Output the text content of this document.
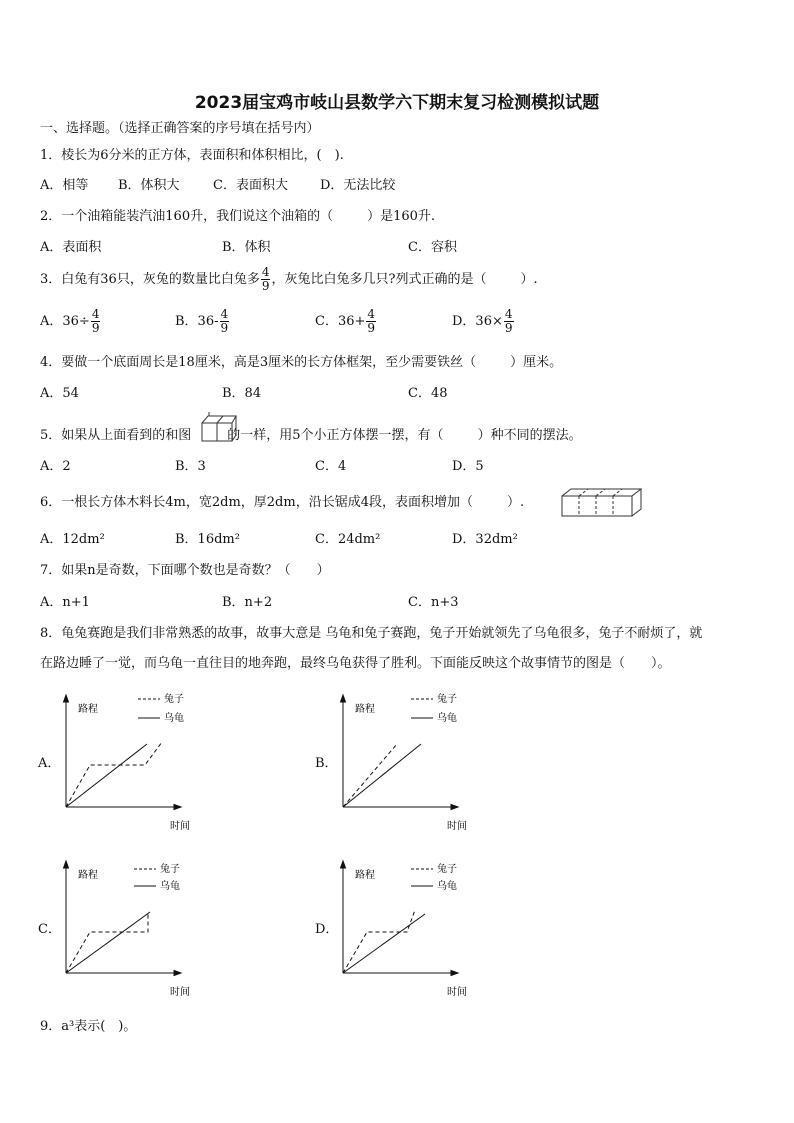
2023届宝鸡市岐山县数学六下期末复习检测模拟试题
一、选择题。（选择正确答案的序号填在括号内）
1．棱长为6分米的正方体，表面积和体积相比，(　).
A．相等 B．体积大	C．表面积大 D．无法比较
2．一个油箱能装汽油160升，我们说这个油箱的（	）是160升.
A．表面积	B．体积	C．容积
3．白兔有36只，灰兔的数量比白兔多 $\frac{4}{9}$ ，灰兔比白兔多几只?列式正确的是（	）.
A．$36\div \frac{4}{9}$	B．$36- \frac{4}{9}$	C．$36+ \frac{4}{9}$	D．$36\times \frac{4}{9}$
4．要做一个底面周长是18厘米，高是3厘米的长方体框架，至少需要铁丝（	）厘米。
A．54	B．84	C．48
5．如果从上面看到的和图	的一样，用5个小正方体摆一摆，有（	）种不同的摆法。
A．2	B．3	C．4	D．5
6．一根长方体木料长4m，宽2dm，厚2dm，沿长锯成4段，表面积增加（	）.
A．12dm²	B．16dm²	C．24dm²	D．32dm²
7．如果n是奇数，下面哪个数也是奇数？（　　）
A．n+1	B．n+2	C．n+3
8．龟兔赛跑是我们非常熟悉的故事，故事大意是 乌龟和兔子赛跑，兔子开始就领先了乌龟很多，兔子不耐烦了，就
在路边睡了一觉，而乌龟一直往目的地奔跑，最终乌龟获得了胜利。下面能反映这个故事情节的图是（　　）。
A．
路程
时间
兔子
乌龟
B．
路程
时间
兔子
乌龟
C．
路程
时间
兔子
乌龟
D．
路程
时间
兔子
乌龟
9．a³表示(　)。
